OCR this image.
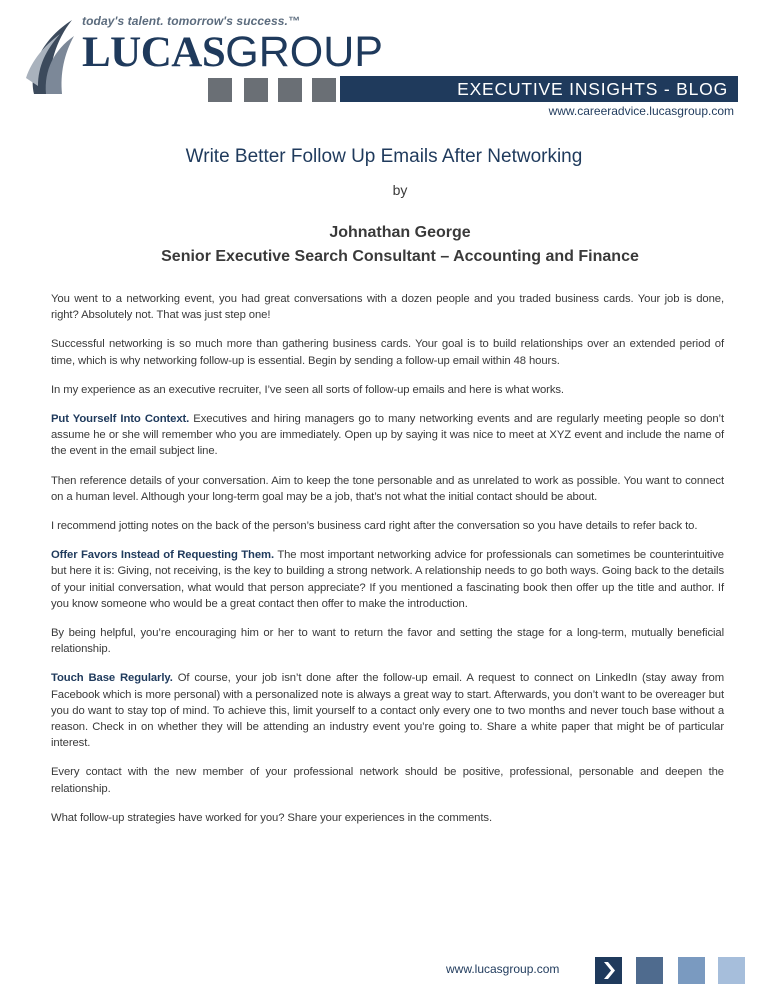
today's talent. tomorrow's success.™
LUCASGROUP
EXECUTIVE INSIGHTS - BLOG
www.careeradvice.lucasgroup.com
Write Better Follow Up Emails After Networking
by
Johnathan George
Senior Executive Search Consultant – Accounting and Finance

You went to a networking event, you had great conversations with a dozen people and you traded business cards. Your job is done, right? Absolutely not. That was just step one!

Successful networking is so much more than gathering business cards. Your goal is to build relationships over an extended period of time, which is why networking follow-up is essential. Begin by sending a follow-up email within 48 hours.

In my experience as an executive recruiter, I’ve seen all sorts of follow-up emails and here is what works.

Put Yourself Into Context. Executives and hiring managers go to many networking events and are regularly meeting people so don’t assume he or she will remember who you are immediately. Open up by saying it was nice to meet at XYZ event and include the name of the event in the email subject line.

Then reference details of your conversation. Aim to keep the tone personable and as unrelated to work as possible. You want to connect on a human level. Although your long-term goal may be a job, that’s not what the initial contact should be about.

I recommend jotting notes on the back of the person’s business card right after the conversation so you have details to refer back to.

Offer Favors Instead of Requesting Them. The most important networking advice for professionals can sometimes be counterintuitive but here it is: Giving, not receiving, is the key to building a strong network. A relationship needs to go both ways. Going back to the details of your initial conversation, what would that person appreciate? If you mentioned a fascinating book then offer up the title and author. If you know someone who would be a great contact then offer to make the introduction.

By being helpful, you’re encouraging him or her to want to return the favor and setting the stage for a long-term, mutually beneficial relationship.

Touch Base Regularly. Of course, your job isn’t done after the follow-up email. A request to connect on LinkedIn (stay away from Facebook which is more personal) with a personalized note is always a great way to start. Afterwards, you don’t want to be overeager but you do want to stay top of mind. To achieve this, limit yourself to a contact only every one to two months and never touch base without a reason. Check in on whether they will be attending an industry event you’re going to. Share a white paper that might be of particular interest.

Every contact with the new member of your professional network should be positive, professional, personable and deepen the relationship.

What follow-up strategies have worked for you? Share your experiences in the comments.

www.lucasgroup.com
